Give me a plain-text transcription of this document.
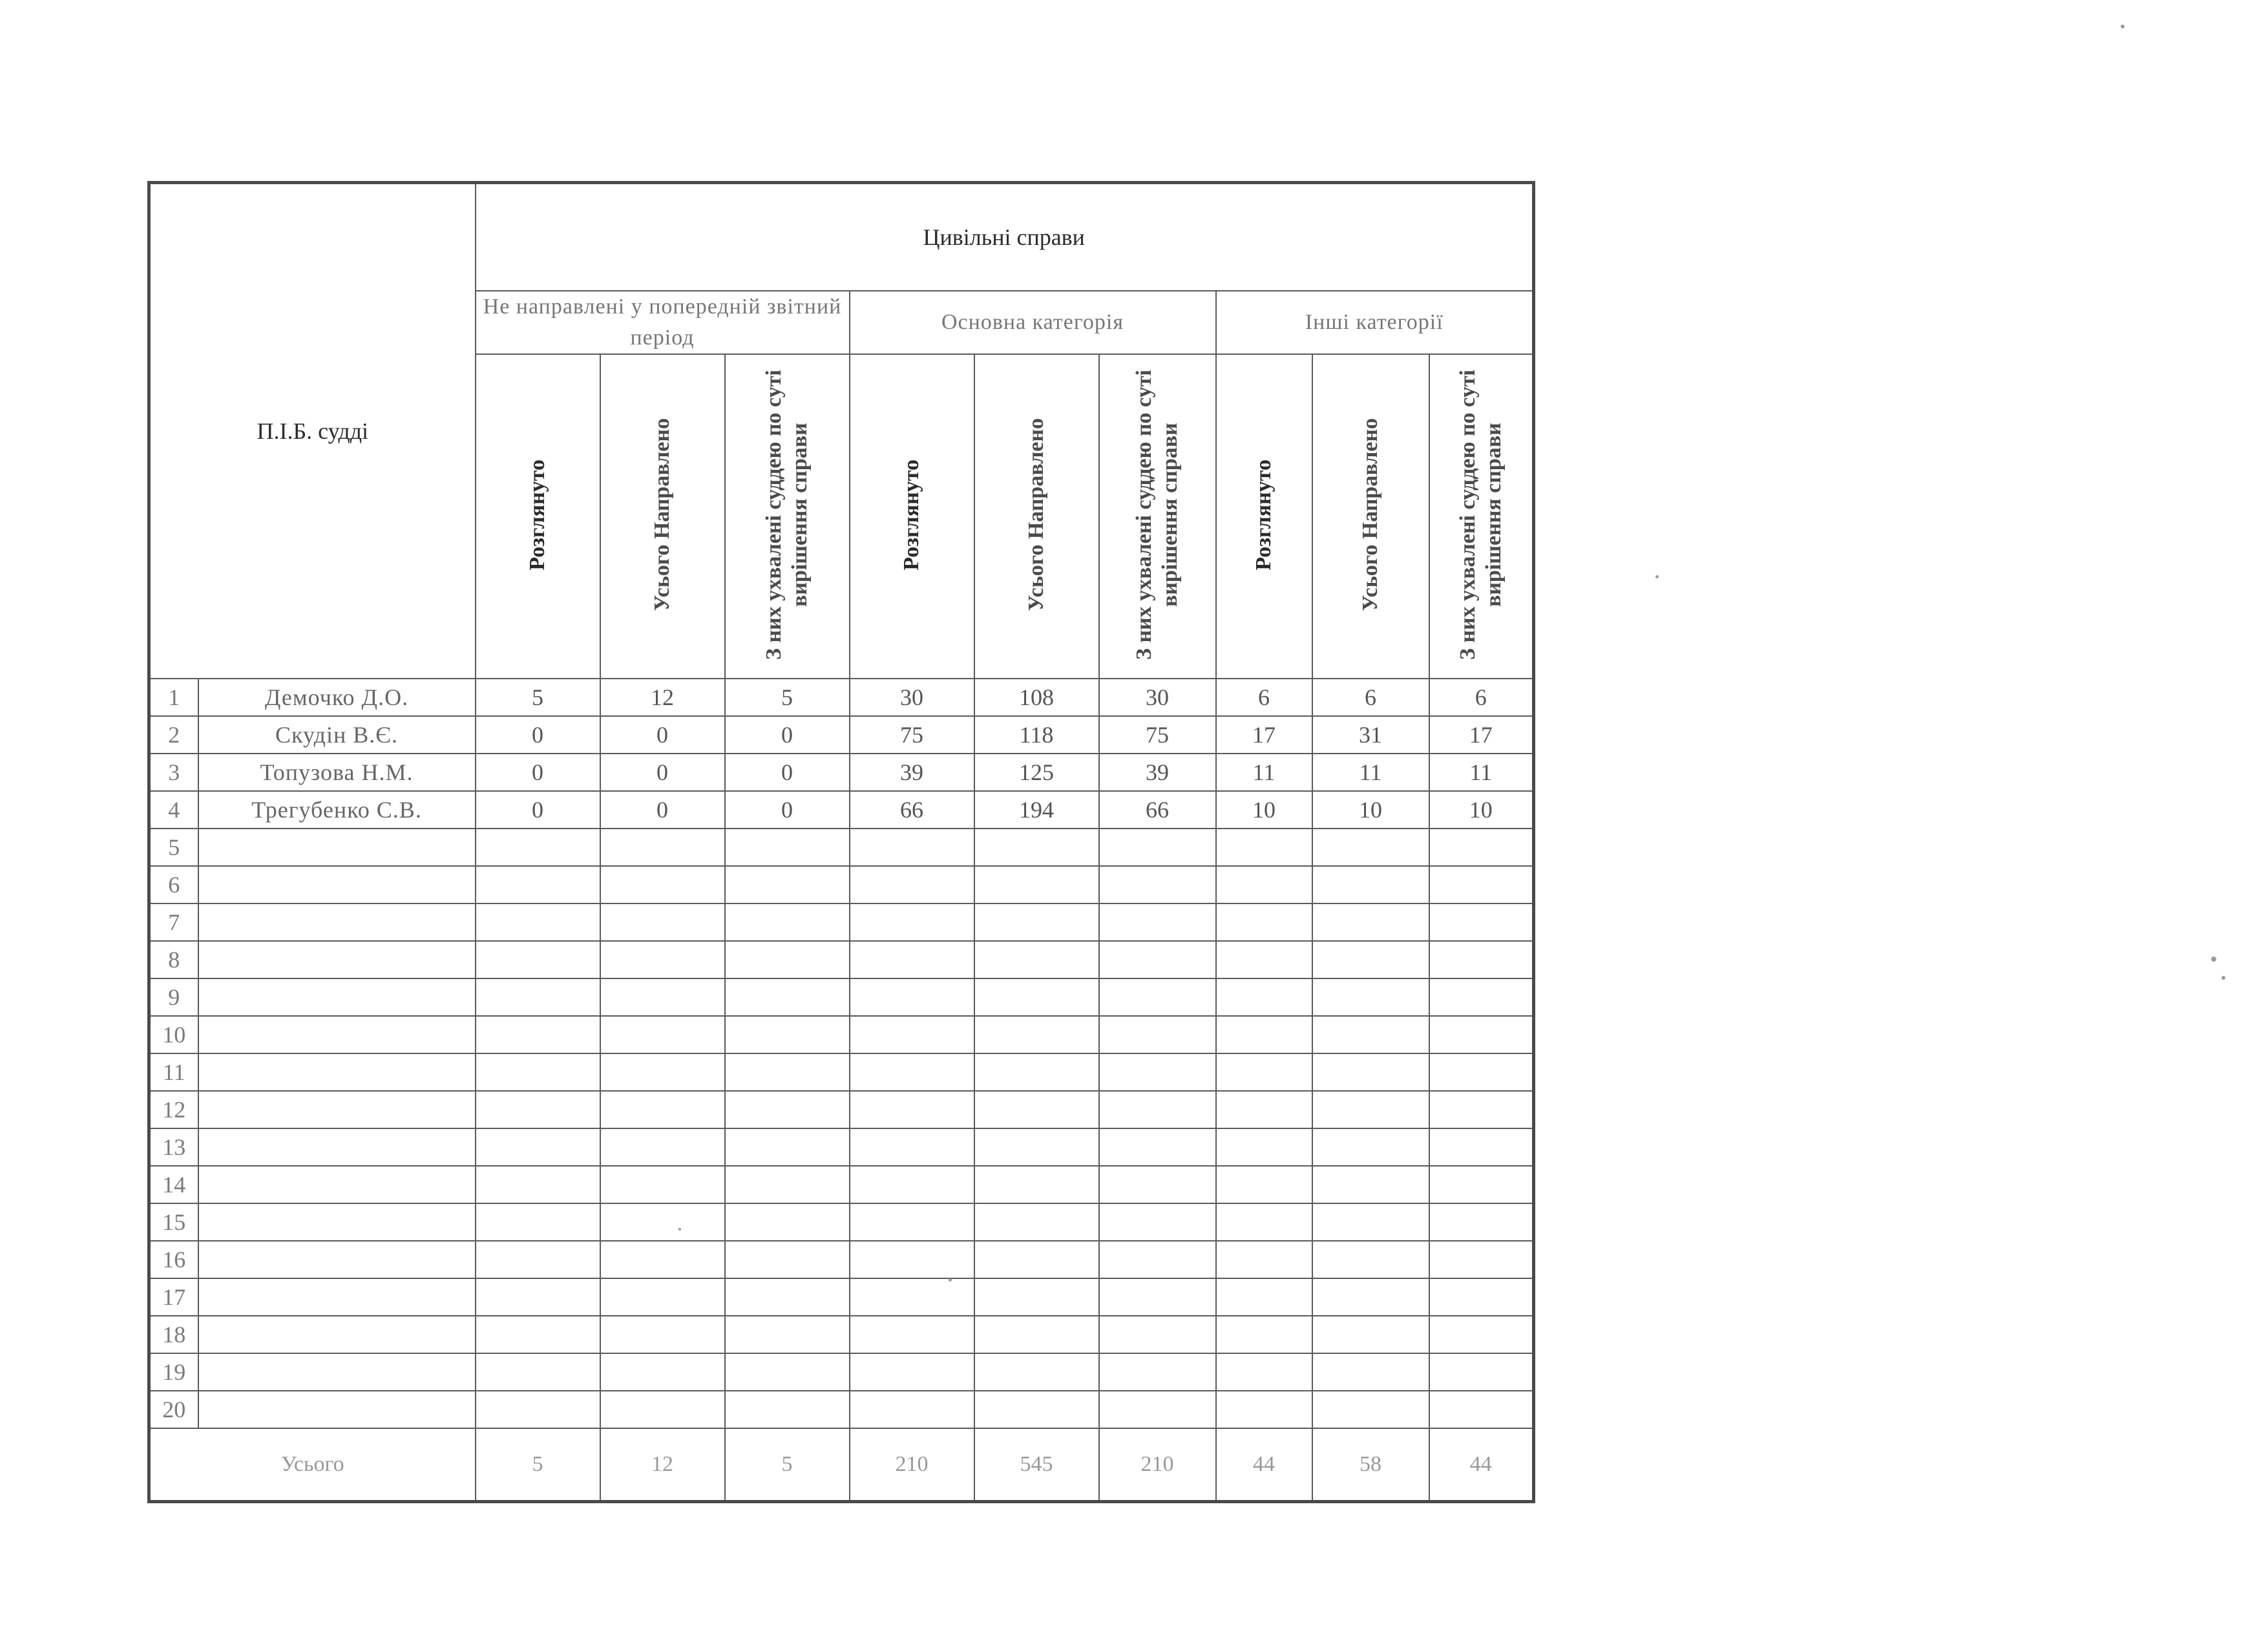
П.І.Б. судді		Цивільні справи								
		Не направлені у попередній звітний період			Основна категорія			Інші категорії		
		Розглянуто	Усього Направлено	З них ухвалені суддею по суті вирішення справи	Розглянуто	Усього Направлено	З них ухвалені суддею по суті вирішення справи	Розглянуто	Усього Направлено	З них ухвалені суддею по суті вирішення справи
1	Демочко Д.О.	5	12	5	30	108	30	6	6	6
2	Скудін В.Є.	0	0	0	75	118	75	17	31	17
3	Топузова Н.М.	0	0	0	39	125	39	11	11	11
4	Трегубенко С.В.	0	0	0	66	194	66	10	10	10
5										
6										
7										
8										
9										
10										
11										
12										
13										
14										
15										
16										
17										
18										
19										
20										
Усього		5	12	5	210	545	210	44	58	44
